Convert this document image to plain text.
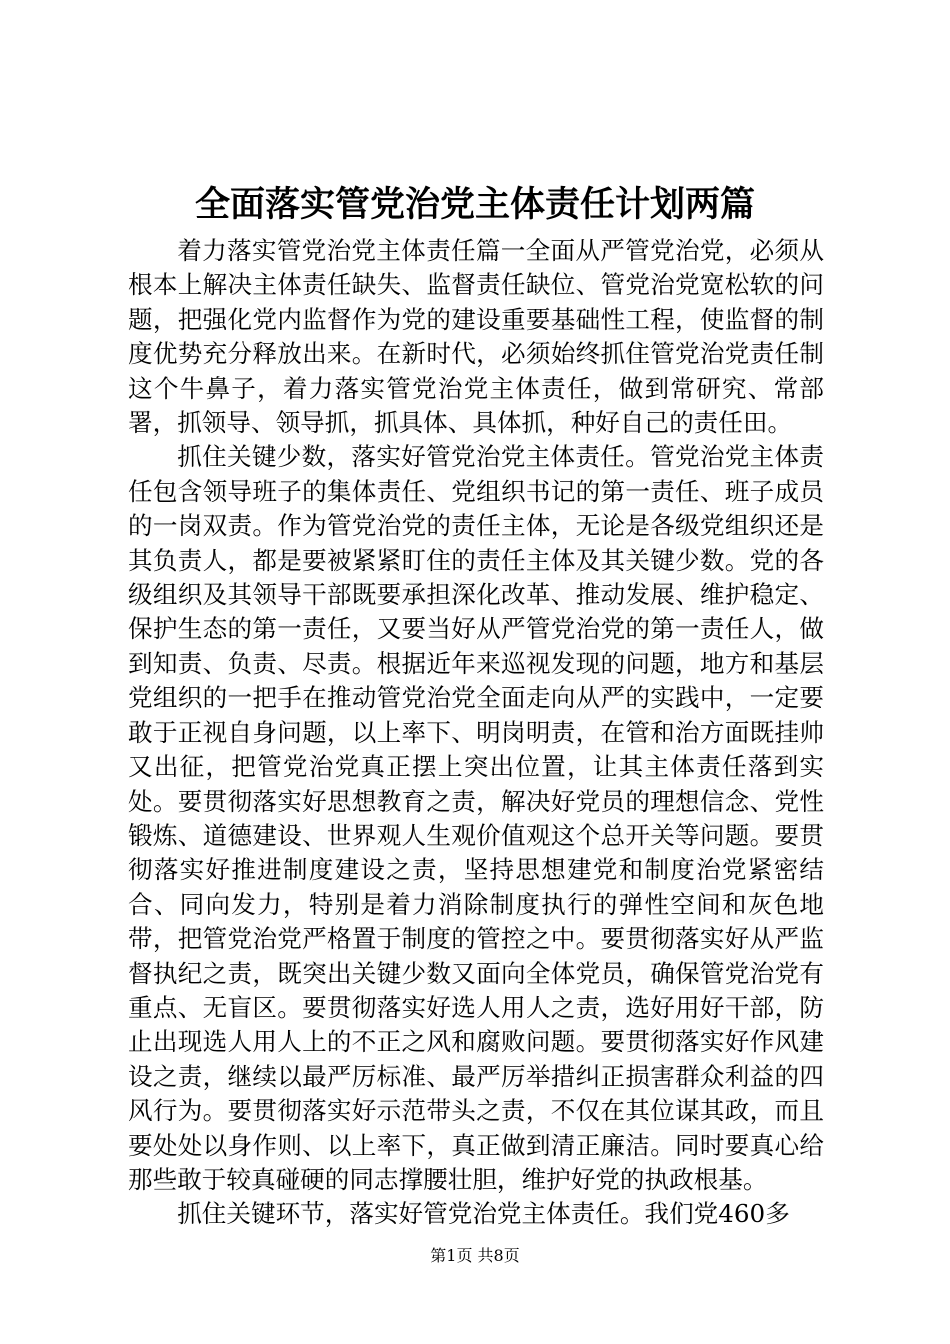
全面落实管党治党主体责任计划两篇

着力落实管党治党主体责任篇一全面从严管党治党，必须从根本上解决主体责任缺失、监督责任缺位、管党治党宽松软的问题，把强化党内监督作为党的建设重要基础性工程，使监督的制度优势充分释放出来。在新时代，必须始终抓住管党治党责任制这个牛鼻子，着力落实管党治党主体责任，做到常研究、常部署，抓领导、领导抓，抓具体、具体抓，种好自己的责任田。

抓住关键少数，落实好管党治党主体责任。管党治党主体责任包含领导班子的集体责任、党组织书记的第一责任、班子成员的一岗双责。作为管党治党的责任主体，无论是各级党组织还是其负责人，都是要被紧紧盯住的责任主体及其关键少数。党的各级组织及其领导干部既要承担深化改革、推动发展、维护稳定、保护生态的第一责任，又要当好从严管党治党的第一责任人，做到知责、负责、尽责。根据近年来巡视发现的问题，地方和基层党组织的一把手在推动管党治党全面走向从严的实践中，一定要敢于正视自身问题，以上率下、明岗明责，在管和治方面既挂帅又出征，把管党治党真正摆上突出位置，让其主体责任落到实处。要贯彻落实好思想教育之责，解决好党员的理想信念、党性锻炼、道德建设、世界观人生观价值观这个总开关等问题。要贯彻落实好推进制度建设之责，坚持思想建党和制度治党紧密结合、同向发力，特别是着力消除制度执行的弹性空间和灰色地带，把管党治党严格置于制度的管控之中。要贯彻落实好从严监督执纪之责，既突出关键少数又面向全体党员，确保管党治党有重点、无盲区。要贯彻落实好选人用人之责，选好用好干部，防止出现选人用人上的不正之风和腐败问题。要贯彻落实好作风建设之责，继续以最严厉标准、最严厉举措纠正损害群众利益的四风行为。要贯彻落实好示范带头之责，不仅在其位谋其政，而且要处处以身作则、以上率下，真正做到清正廉洁。同时要真心给那些敢于较真碰硬的同志撑腰壮胆，维护好党的执政根基。

抓住关键环节，落实好管党治党主体责任。我们党460多

第1页 共8页
